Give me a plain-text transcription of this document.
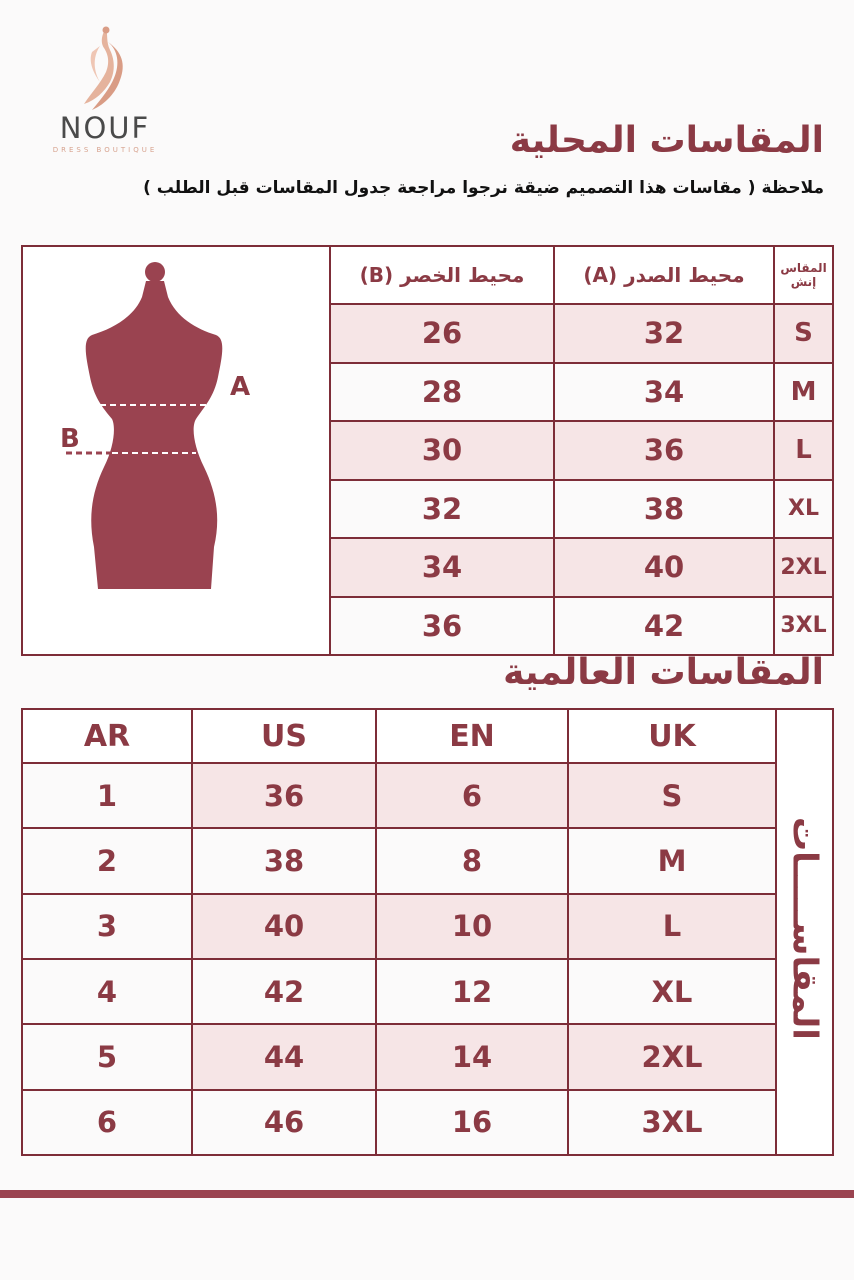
NOUF
DRESS BOUTIQUE	المقاسات المحلية
ملاحظة ( مقاسات هذا التصميم ضيقة نرجوا مراجعة جدول المقاسات قبل الطلب )
A
B	محيط الخصر (B)	محيط الصدر (A)	المقاس إنش
	26	32	S
	28	34	M
	30	36	L
	32	38	XL
	34	40	2XL
	36	42	3XL
المقاسات العالمية
AR	US	EN	UK	المقاســـــات
1	36	6	S	
2	38	8	M	
3	40	10	L	
4	42	12	XL	
5	44	14	2XL	
6	46	16	3XL	
